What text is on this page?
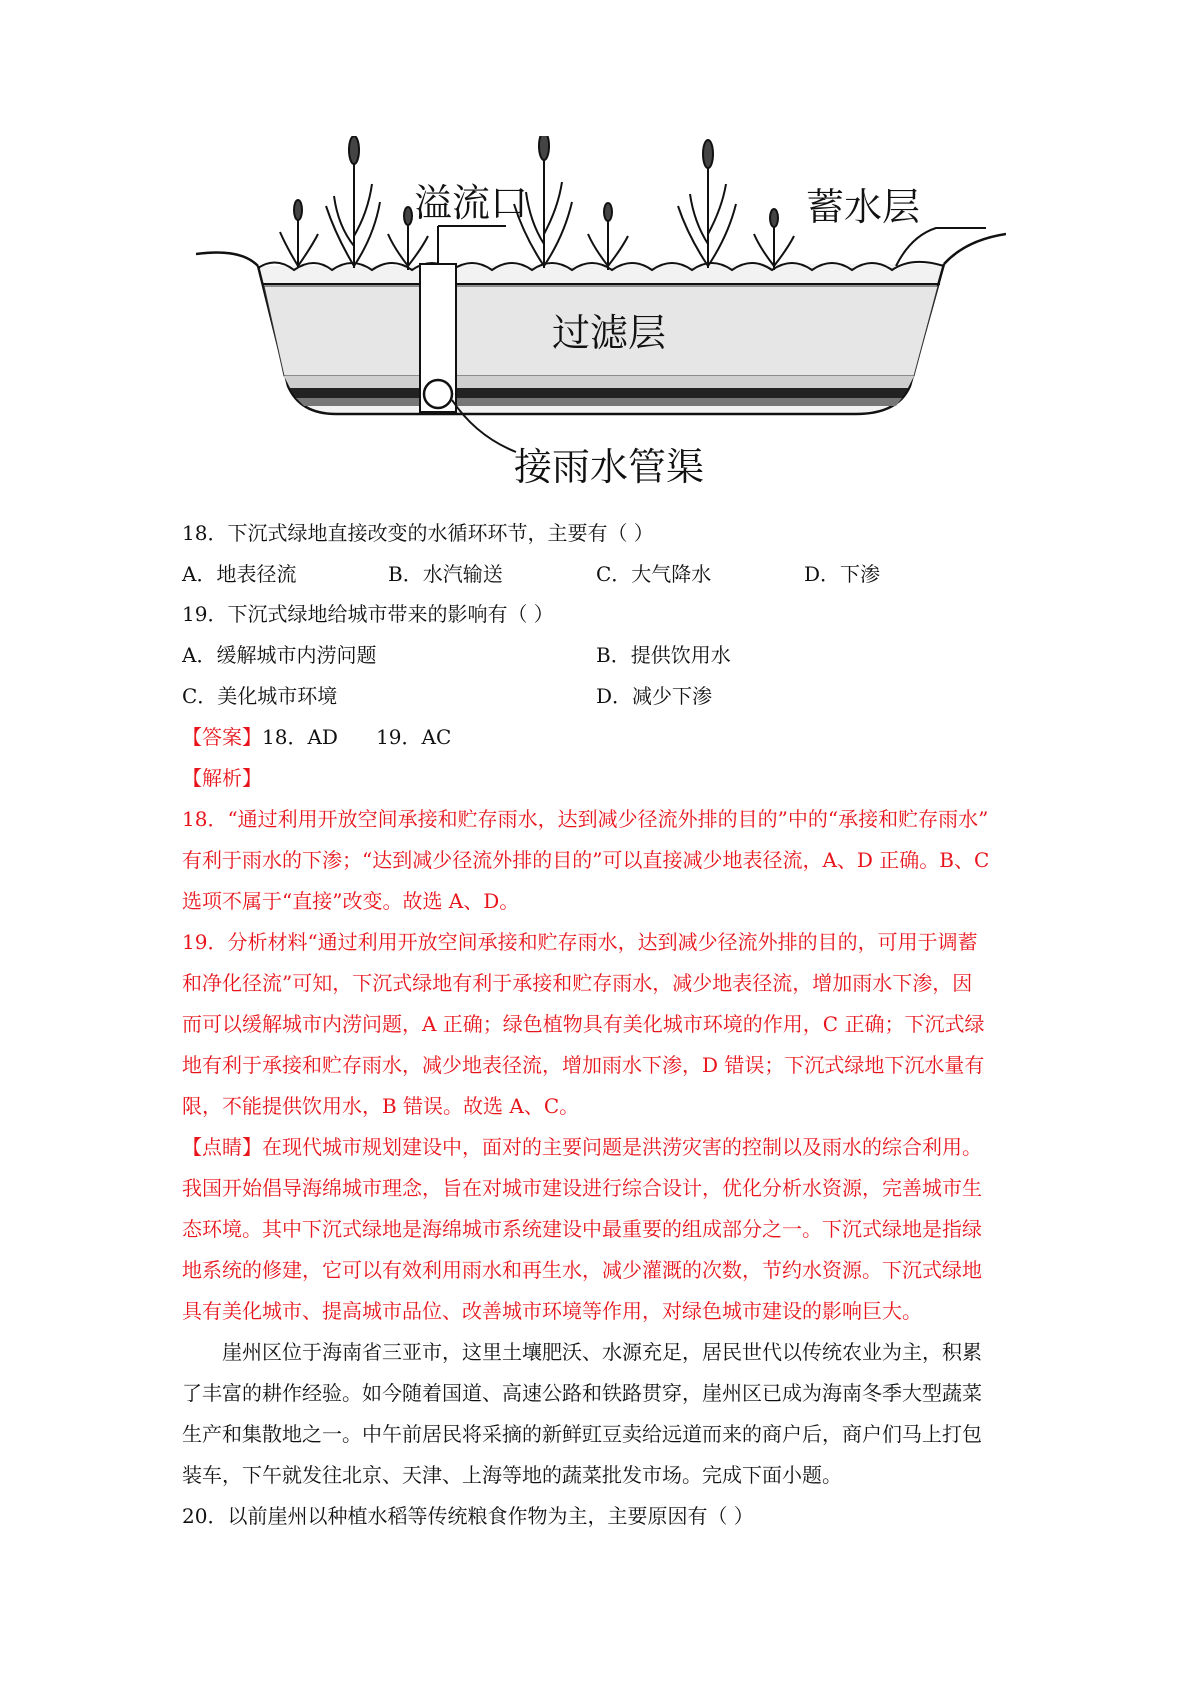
溢流口	蓄水层
过滤层
接雨水管渠
18．下沉式绿地直接改变的水循环环节，主要有（ ）
A．地表径流	B．水汽输送	C．大气降水	D．下渗
19．下沉式绿地给城市带来的影响有（ ）
A．缓解城市内涝问题	B．提供饮用水
C．美化城市环境	D．减少下渗
【答案】18．AD      19．AC
【解析】
18．“通过利用开放空间承接和贮存雨水，达到减少径流外排的目的”中的“承接和贮存雨水”
有利于雨水的下渗；“达到减少径流外排的目的”可以直接减少地表径流，A、D 正确。B、C
选项不属于“直接”改变。故选 A、D。
19．分析材料“通过利用开放空间承接和贮存雨水，达到减少径流外排的目的，可用于调蓄
和净化径流”可知，下沉式绿地有利于承接和贮存雨水，减少地表径流，增加雨水下渗，因
而可以缓解城市内涝问题，A 正确；绿色植物具有美化城市环境的作用，C 正确；下沉式绿
地有利于承接和贮存雨水，减少地表径流，增加雨水下渗，D 错误；下沉式绿地下沉水量有
限，不能提供饮用水，B 错误。故选 A、C。
【点睛】在现代城市规划建设中，面对的主要问题是洪涝灾害的控制以及雨水的综合利用。
我国开始倡导海绵城市理念，旨在对城市建设进行综合设计，优化分析水资源，完善城市生
态环境。其中下沉式绿地是海绵城市系统建设中最重要的组成部分之一。下沉式绿地是指绿
地系统的修建，它可以有效利用雨水和再生水，减少灌溉的次数，节约水资源。下沉式绿地
具有美化城市、提高城市品位、改善城市环境等作用，对绿色城市建设的影响巨大。
崖州区位于海南省三亚市，这里土壤肥沃、水源充足，居民世代以传统农业为主，积累
了丰富的耕作经验。如今随着国道、高速公路和铁路贯穿，崖州区已成为海南冬季大型蔬菜
生产和集散地之一。中午前居民将采摘的新鲜豇豆卖给远道而来的商户后，商户们马上打包
装车，下午就发往北京、天津、上海等地的蔬菜批发市场。完成下面小题。
20．以前崖州以种植水稻等传统粮食作物为主，主要原因有（ ）
